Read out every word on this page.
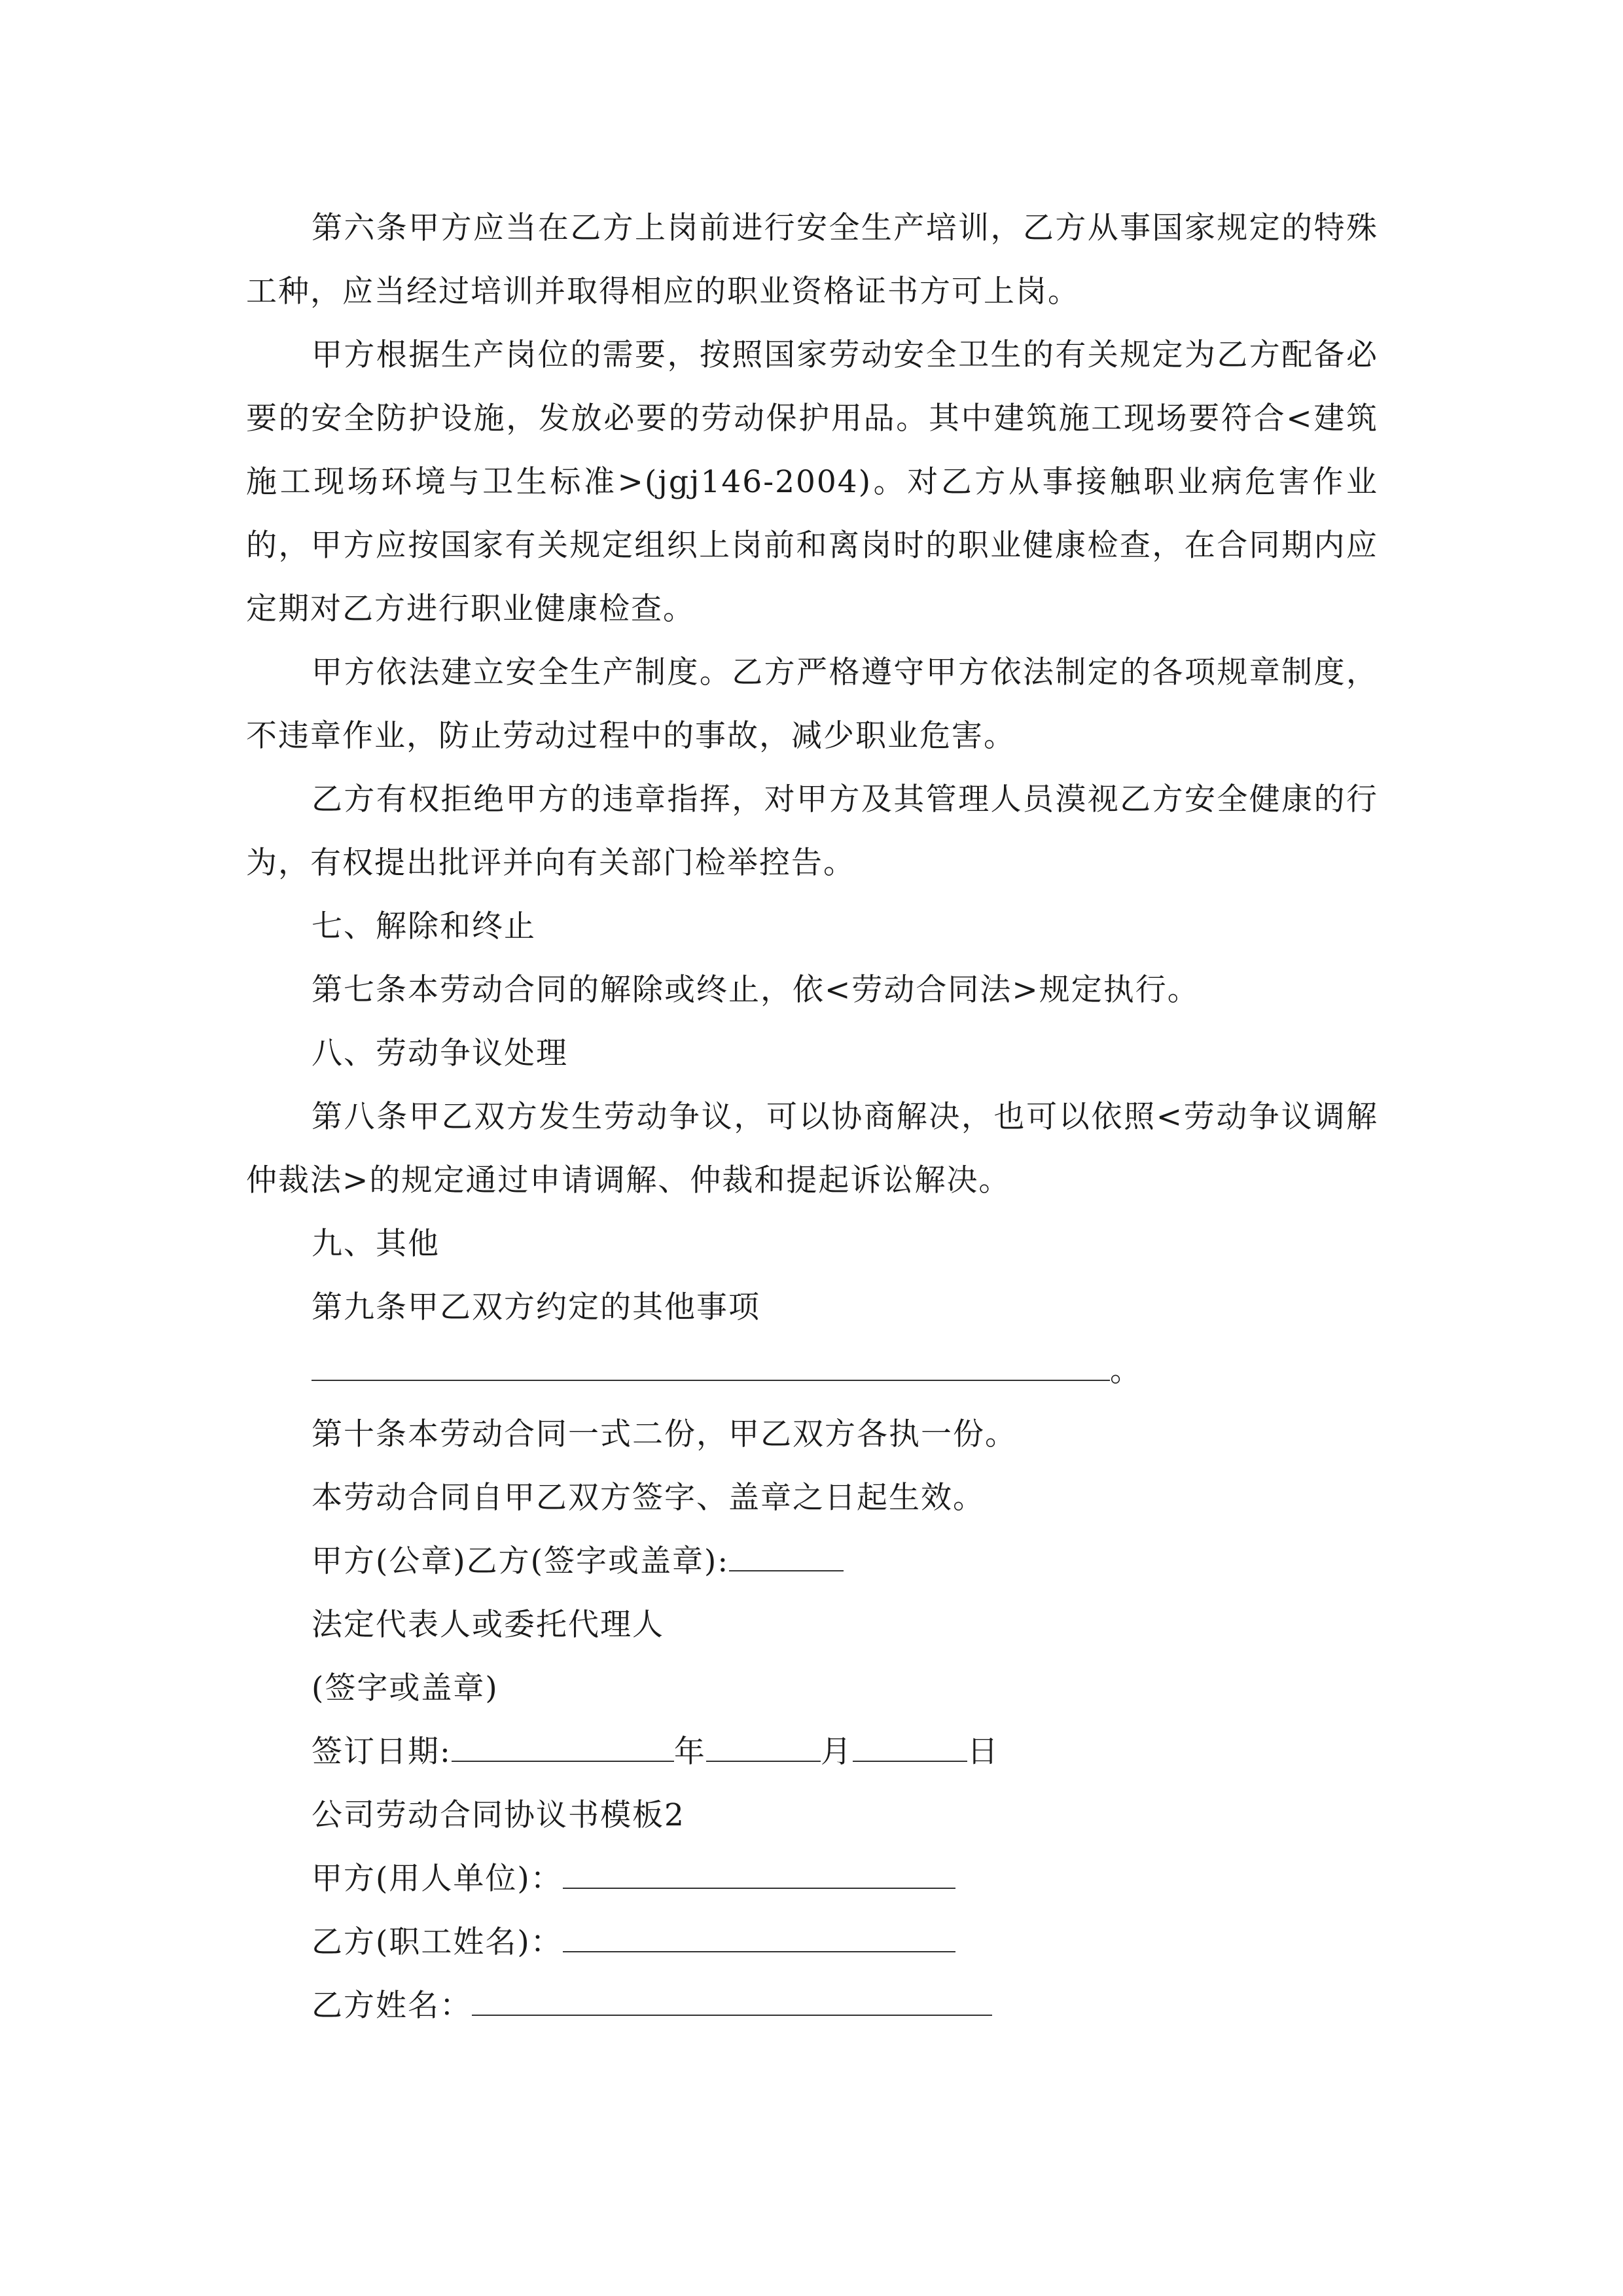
第六条甲方应当在乙方上岗前进行安全生产培训，乙方从事国家规定的特殊工种，应当经过培训并取得相应的职业资格证书方可上岗。

甲方根据生产岗位的需要，按照国家劳动安全卫生的有关规定为乙方配备必要的安全防护设施，发放必要的劳动保护用品。其中建筑施工现场要符合<建筑施工现场环境与卫生标准>(jgj146-2004)。对乙方从事接触职业病危害作业的，甲方应按国家有关规定组织上岗前和离岗时的职业健康检查，在合同期内应定期对乙方进行职业健康检查。

甲方依法建立安全生产制度。乙方严格遵守甲方依法制定的各项规章制度，不违章作业，防止劳动过程中的事故，减少职业危害。

乙方有权拒绝甲方的违章指挥，对甲方及其管理人员漠视乙方安全健康的行为，有权提出批评并向有关部门检举控告。

七、解除和终止

第七条本劳动合同的解除或终止，依<劳动合同法>规定执行。

八、劳动争议处理

第八条甲乙双方发生劳动争议，可以协商解决，也可以依照<劳动争议调解仲裁法>的规定通过申请调解、仲裁和提起诉讼解决。

九、其他

第九条甲乙双方约定的其他事项

。

第十条本劳动合同一式二份，甲乙双方各执一份。

本劳动合同自甲乙双方签字、盖章之日起生效。

甲方(公章)乙方(签字或盖章):

法定代表人或委托代理人

(签字或盖章)

签订日期:	年	月	日

公司劳动合同协议书模板2

甲方(用人单位)：

乙方(职工姓名)：

乙方姓名：
